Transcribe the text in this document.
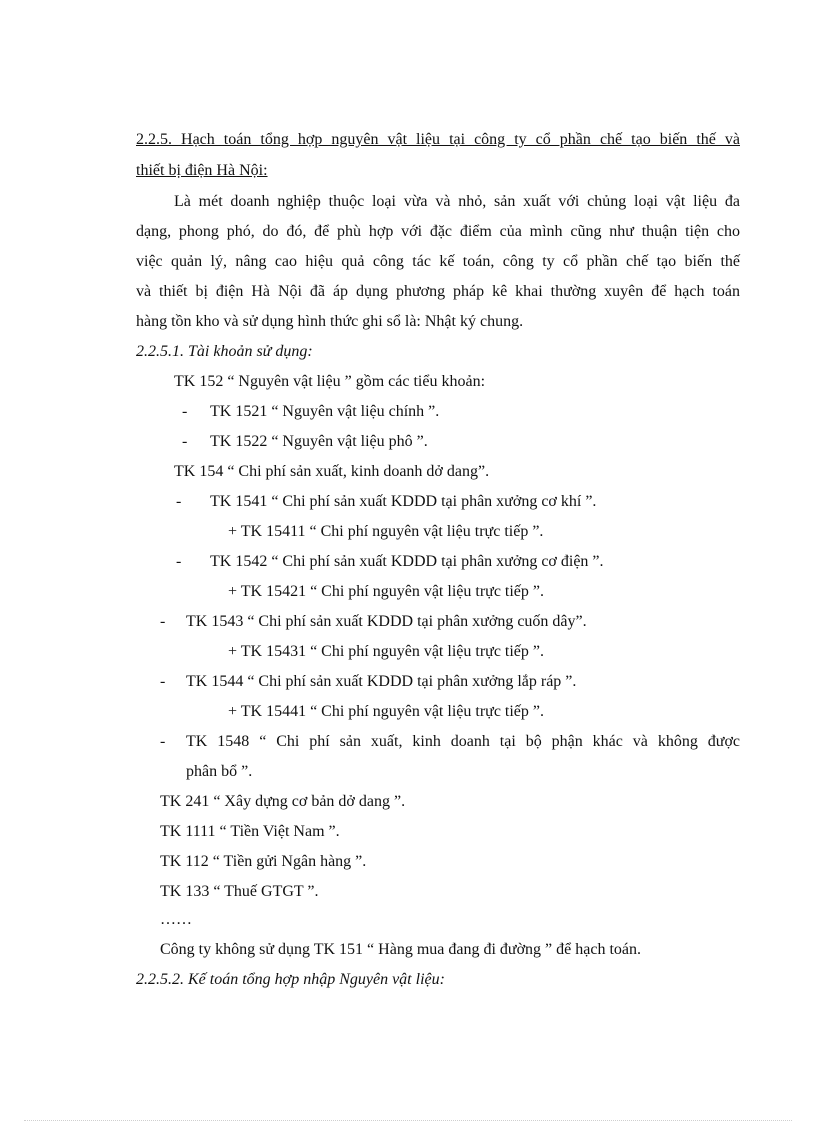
2.2.5. Hạch toán tổng hợp nguyên vật liệu tại công ty cổ phần chế tạo biến thế và
thiết bị điện Hà Nội:
Là mét doanh nghiệp thuộc loại vừa và nhỏ, sản xuất với chủng loại vật liệu đa
dạng, phong phó, do đó, để phù hợp với đặc điểm của mình cũng như thuận tiện cho
việc quản lý, nâng cao hiệu quả công tác kế toán, công ty cổ phần chế tạo biến thế
và thiết bị điện Hà Nội đã áp dụng phương pháp kê khai thường xuyên để hạch toán
hàng tồn kho và sử dụng hình thức ghi sổ là: Nhật ký chung.
2.2.5.1. Tài khoản sử dụng:
TK 152 “ Nguyên vật liệu ” gồm các tiểu khoản:
- TK 1521 “ Nguyên vật liệu chính ”.
- TK 1522 “ Nguyên vật liệu phô ”.
TK 154 “ Chi phí sản xuất, kinh doanh dở dang”.
- TK 1541 “ Chi phí sản xuất KDDD tại phân xưởng cơ khí ”.
+ TK 15411 “ Chi phí nguyên vật liệu trực tiếp ”.
- TK 1542 “ Chi phí sản xuất KDDD tại phân xưởng cơ điện ”.
+ TK 15421 “ Chi phí nguyên vật liệu trực tiếp ”.
- TK 1543 “ Chi phí sản xuất KDDD tại phân xưởng cuốn dây”.
+ TK 15431 “ Chi phí nguyên vật liệu trực tiếp ”.
- TK 1544 “ Chi phí sản xuất KDDD tại phân xưởng lắp ráp ”.
+ TK 15441 “ Chi phí nguyên vật liệu trực tiếp ”.
- TK 1548 “ Chi phí sản xuất, kinh doanh tại bộ phận khác và không được
phân bổ ”.
TK 241 “ Xây dựng cơ bản dở dang ”.
TK 1111 “ Tiền Việt Nam ”.
TK 112 “ Tiền gửi Ngân hàng ”.
TK 133 “ Thuế GTGT ”.
……
Công ty không sử dụng TK 151 “ Hàng mua đang đi đường ” để hạch toán.
2.2.5.2. Kế toán tổng hợp nhập Nguyên vật liệu:
